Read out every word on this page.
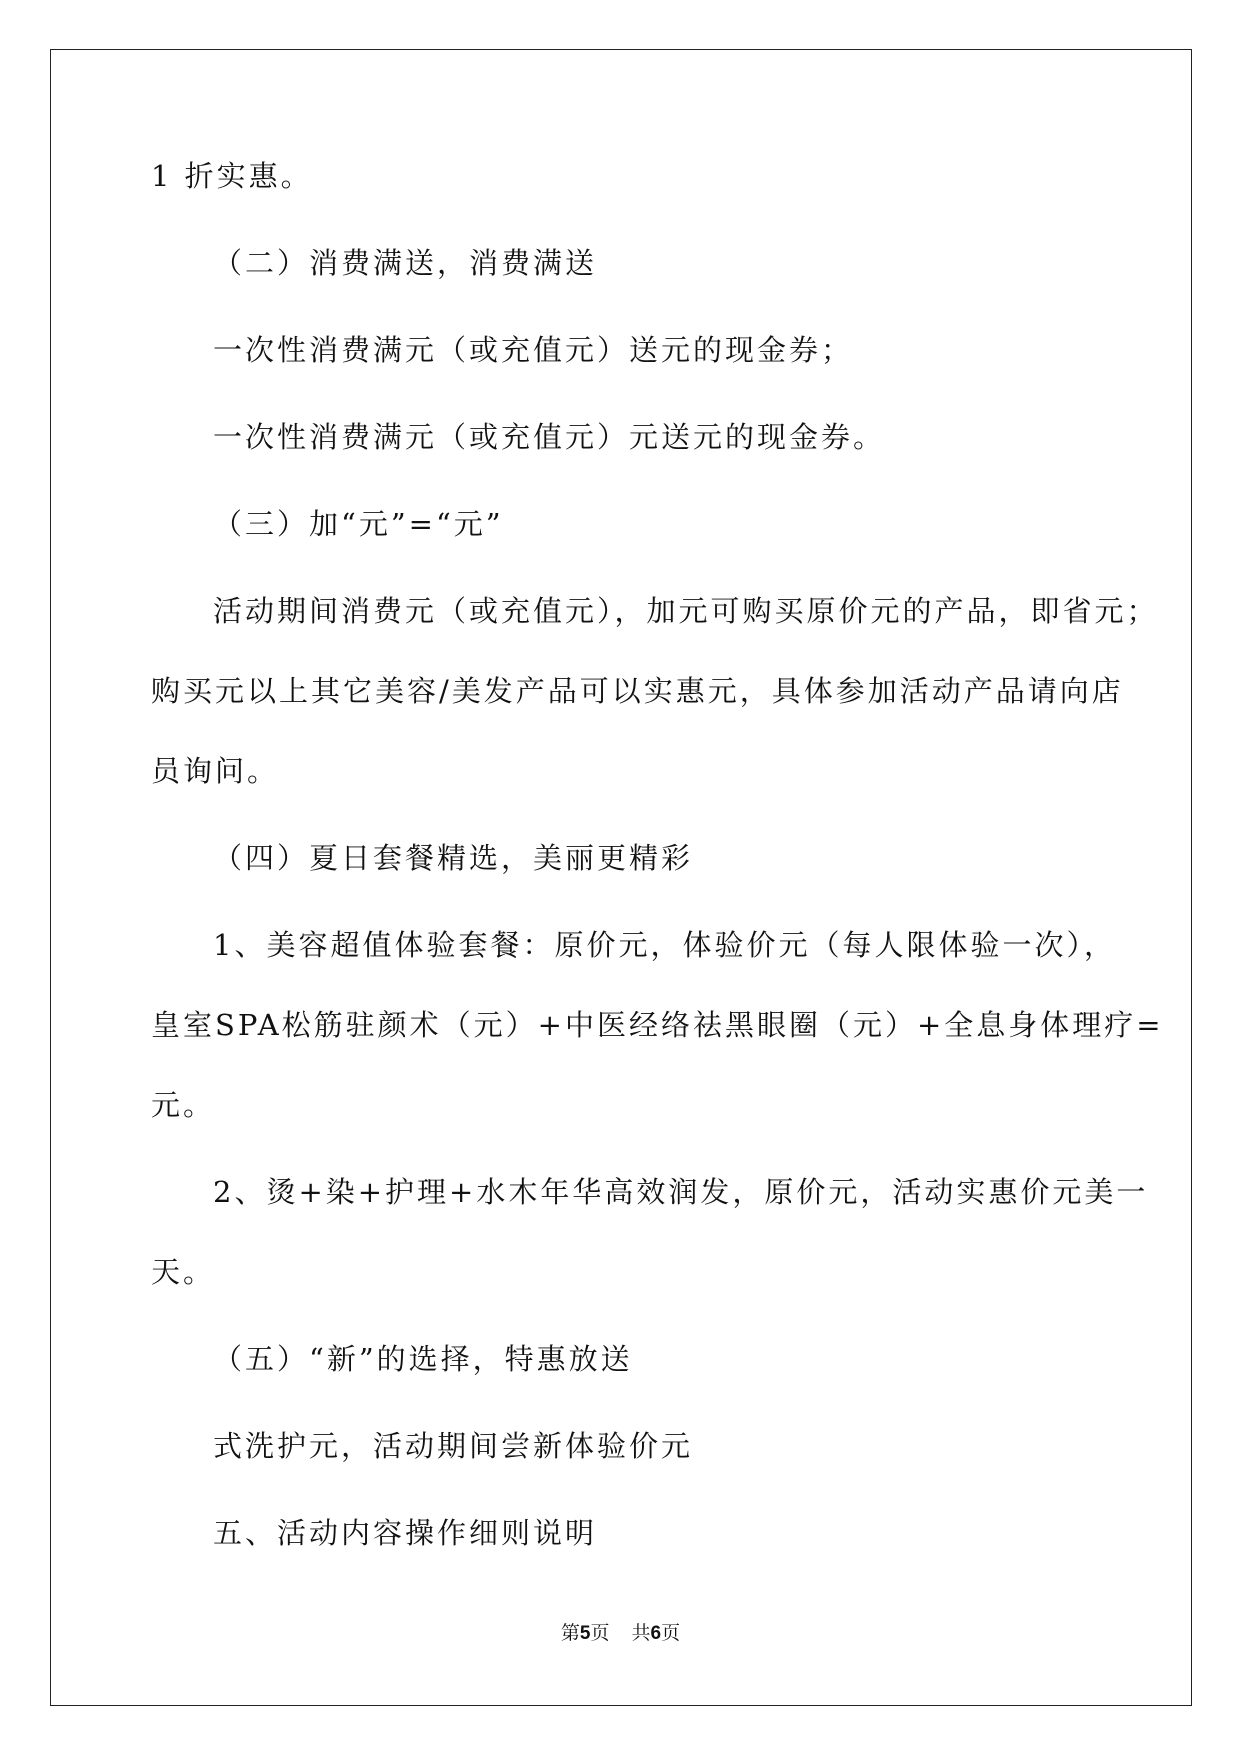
1 折实惠。

（二）消费满送，消费满送

一次性消费满元（或充值元）送元的现金券；

一次性消费满元（或充值元）元送元的现金券。

（三）加“元”=“元”

活动期间消费元（或充值元），加元可购买原价元的产品，即省元；

购买元以上其它美容/美发产品可以实惠元，具体参加活动产品请向店

员询问。

（四）夏日套餐精选，美丽更精彩

1、美容超值体验套餐：原价元，体验价元（每人限体验一次），

皇室SPA松筋驻颜术（元）+中医经络祛黑眼圈（元）+全息身体理疗=

元。

2、烫+染+护理+水木年华高效润发，原价元，活动实惠价元美一

天。

（五）“新”的选择，特惠放送

式洗护元，活动期间尝新体验价元

五、活动内容操作细则说明

第5页 共6页
